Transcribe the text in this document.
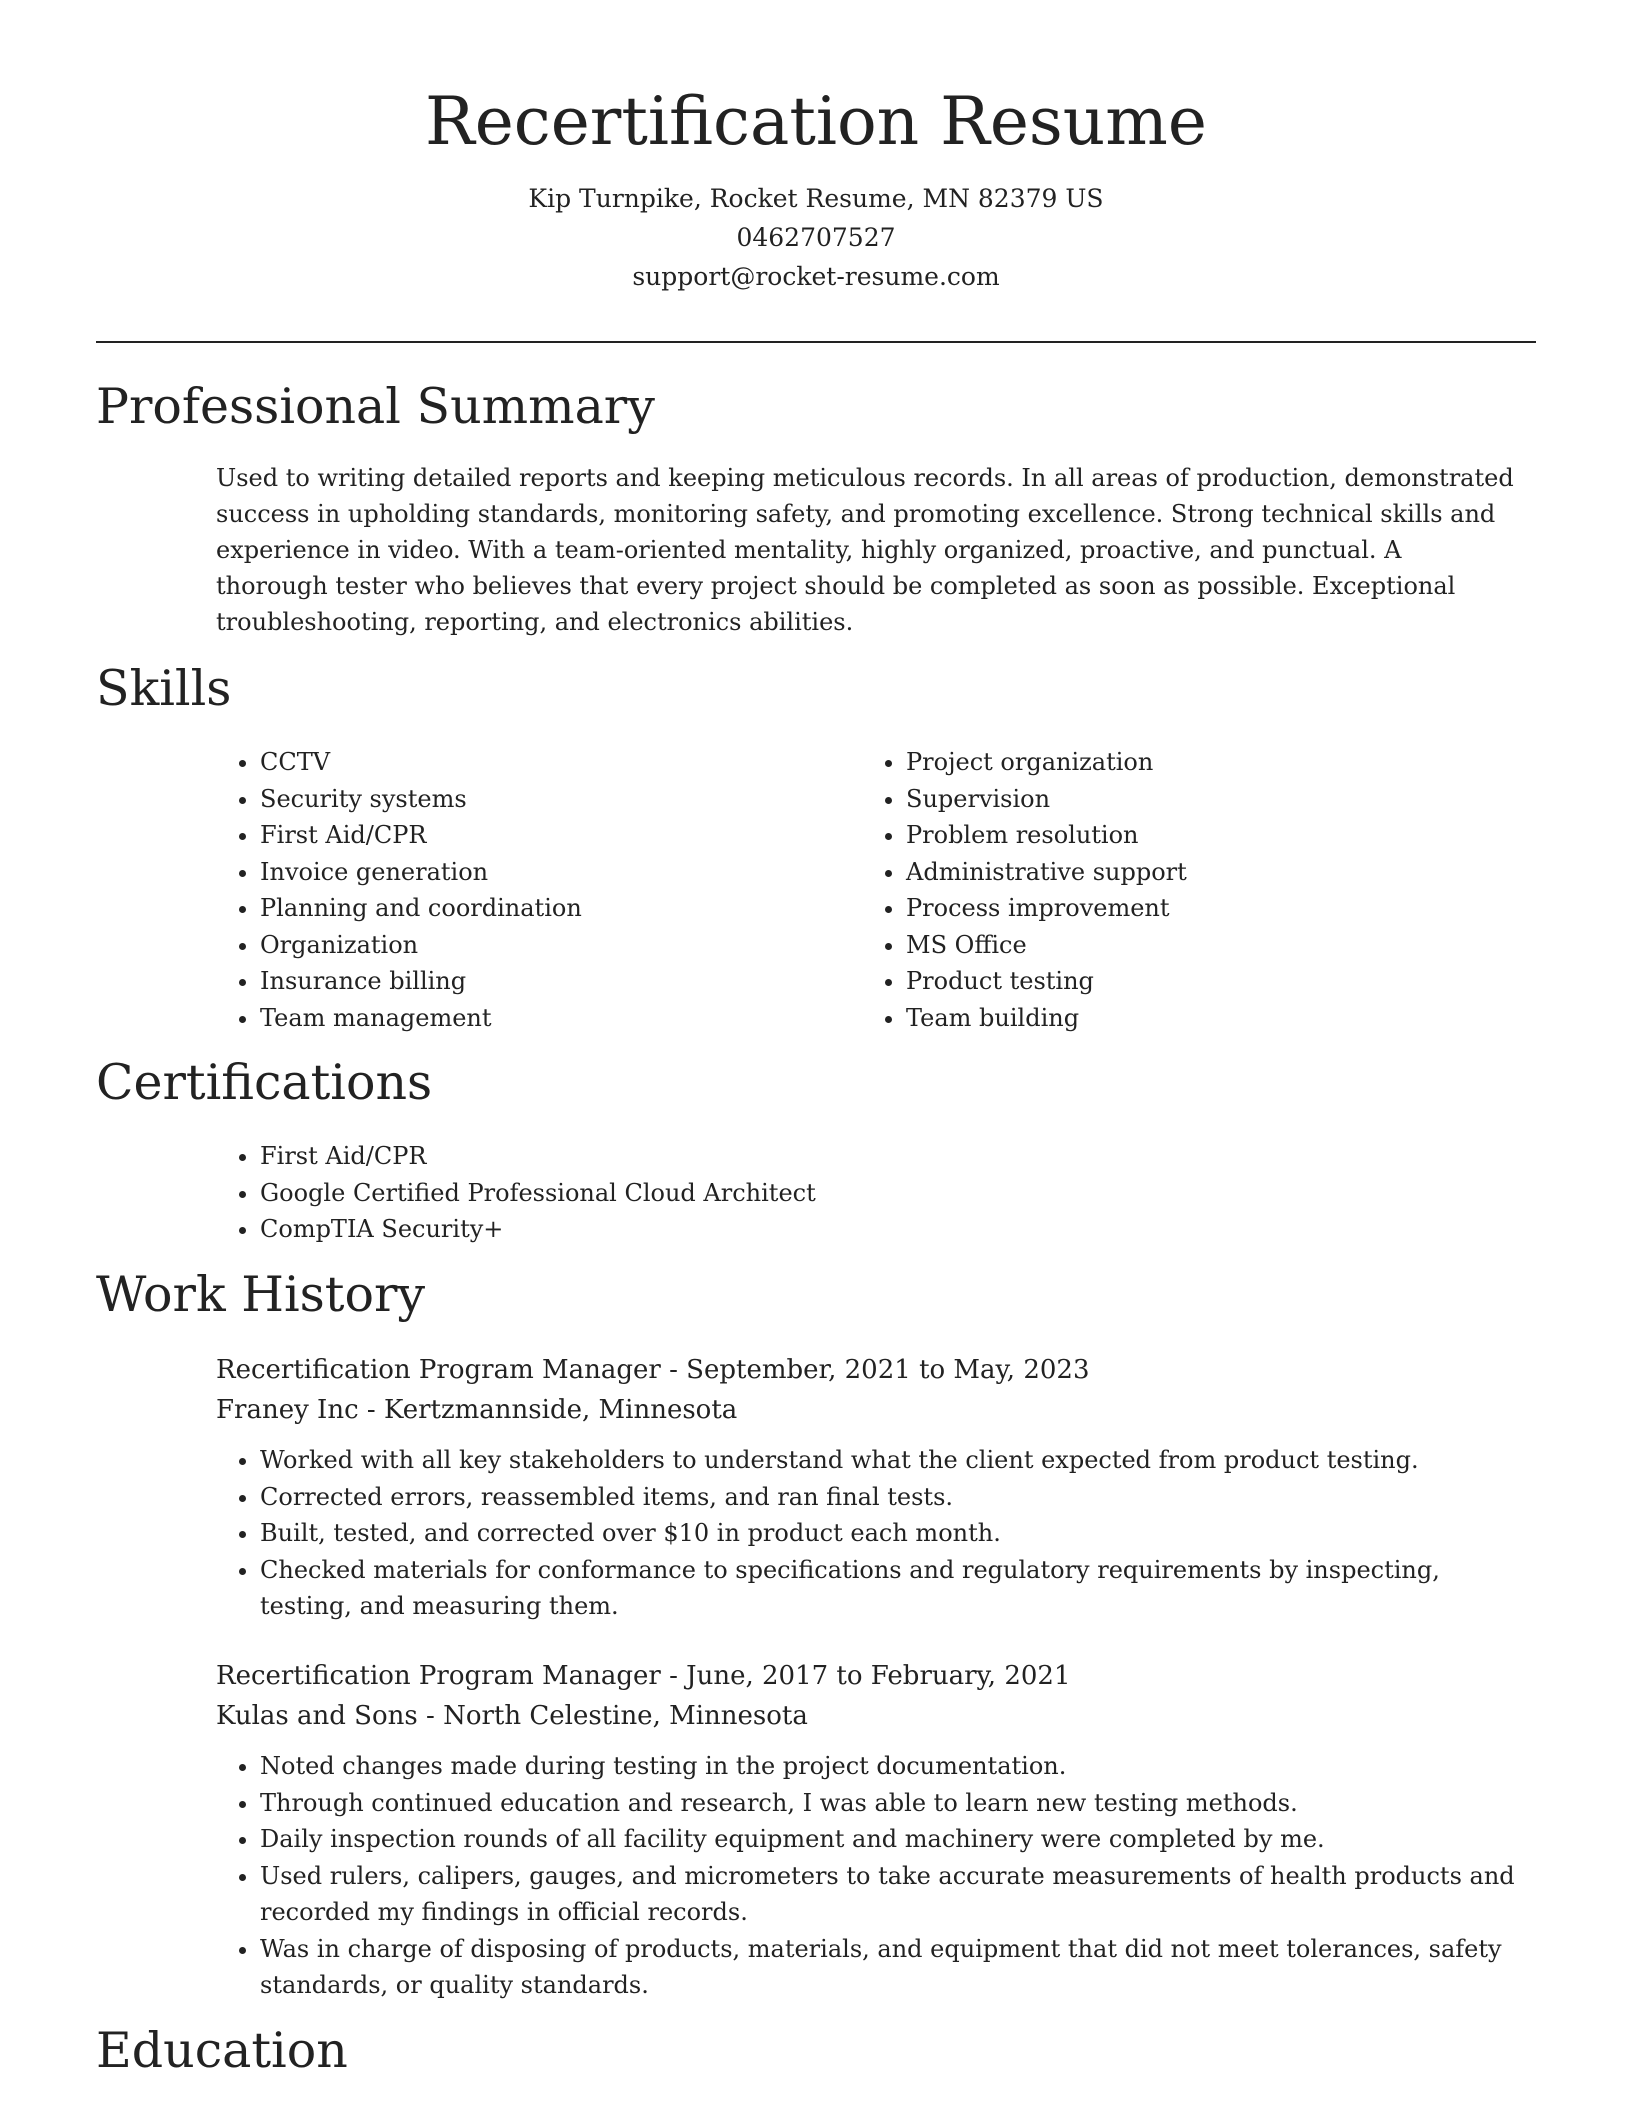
Recertification Resume
Kip Turnpike, Rocket Resume, MN 82379 US
0462707527
support@rocket-resume.com
Professional Summary

Used to writing detailed reports and keeping meticulous records. In all areas of production, demonstrated success in upholding standards, monitoring safety, and promoting excellence. Strong technical skills and experience in video. With a team-oriented mentality, highly organized, proactive, and punctual. A thorough tester who believes that every project should be completed as soon as possible. Exceptional troubleshooting, reporting, and electronics abilities.

Skills
• CCTV
• Security systems
• First Aid/CPR
• Invoice generation
• Planning and coordination
• Organization
• Insurance billing
• Team management
• Project organization
• Supervision
• Problem resolution
• Administrative support
• Process improvement
• MS Office
• Product testing
• Team building
Certifications
• First Aid/CPR
• Google Certified Professional Cloud Architect
• CompTIA Security+
Work History
Recertification Program Manager - September, 2021 to May, 2023
Franey Inc - Kertzmannside, Minnesota
• Worked with all key stakeholders to understand what the client expected from product testing.
• Corrected errors, reassembled items, and ran final tests.
• Built, tested, and corrected over $10 in product each month.
• Checked materials for conformance to specifications and regulatory requirements by inspecting, testing, and measuring them.
Recertification Program Manager - June, 2017 to February, 2021
Kulas and Sons - North Celestine, Minnesota
• Noted changes made during testing in the project documentation.
• Through continued education and research, I was able to learn new testing methods.
• Daily inspection rounds of all facility equipment and machinery were completed by me.
• Used rulers, calipers, gauges, and micrometers to take accurate measurements of health products and recorded my findings in official records.
• Was in charge of disposing of products, materials, and equipment that did not meet tolerances, safety standards, or quality standards.
Education
